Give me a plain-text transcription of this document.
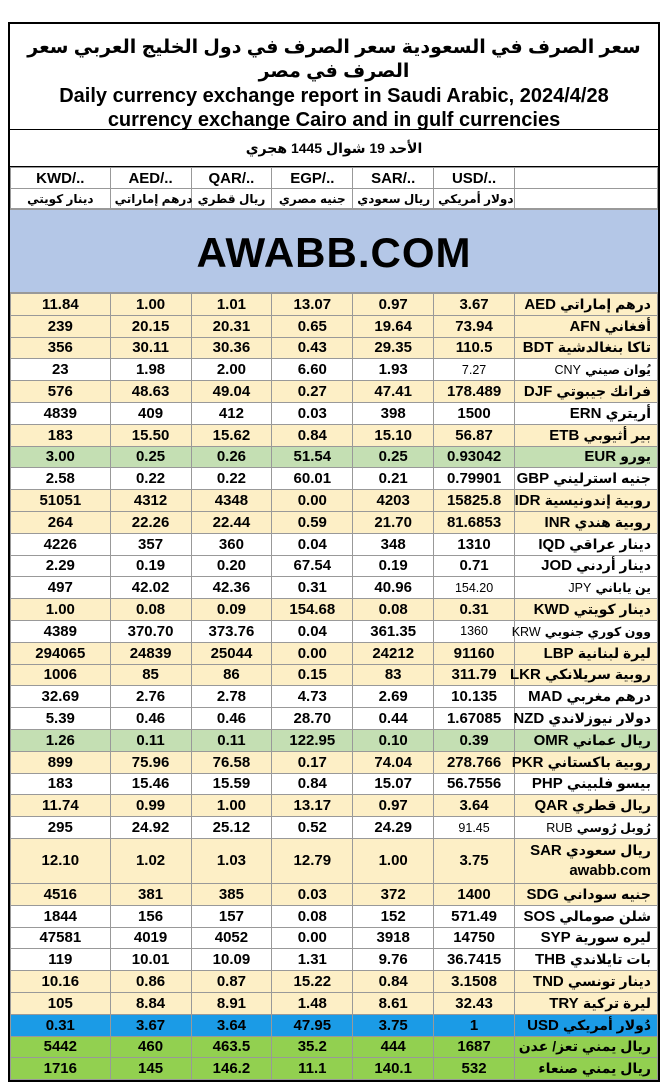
سعر الصرف في السعودية سعر الصرف في دول الخليج العربي سعر الصرف في مصر
Daily currency exchange report in Saudi Arabic, 2024/4/28
currency exchange Cairo and in gulf currencies
الأحد 19 شوال 1445 هجري
KWD/..	AED/..	QAR/..	EGP/..	SAR/..	USD/..	
دينار كويتي	درهم إماراتي	ريال قطري	جنيه مصري	ريال سعودي	دولار أمريكي	
AWABB.COM
11.84	1.00	1.01	13.07	0.97	3.67	درهم إماراتي AED

239	20.15	20.31	0.65	19.64	73.94	أفغاني AFN

356	30.11	30.36	0.43	29.35	110.5	تاكا بنغالدشية BDT

23	1.98	2.00	6.60	1.93	7.27	يُوان صيني CNY

576	48.63	49.04	0.27	47.41	178.489	فرانك جيبوتي DJF

4839	409	412	0.03	398	1500	أريتري ERN

183	15.50	15.62	0.84	15.10	56.87	بير أثيوبي ETB

3.00	0.25	0.26	51.54	0.25	0.93042	يورو EUR

2.58	0.22	0.22	60.01	0.21	0.79901	جنيه استرليني GBP

51051	4312	4348	0.00	4203	15825.8	روبية إندونيسية IDR

264	22.26	22.44	0.59	21.70	81.6853	روبية هندي INR

4226	357	360	0.04	348	1310	دينار عراقي IQD

2.29	0.19	0.20	67.54	0.19	0.71	دينار أردني JOD

497	42.02	42.36	0.31	40.96	154.20	ين ياباني JPY

1.00	0.08	0.09	154.68	0.08	0.31	دينار كويتي KWD

4389	370.70	373.76	0.04	361.35	1360	وون كوري جنوبي KRW

294065	24839	25044	0.00	24212	91160	ليرة لبنانية LBP

1006	85	86	0.15	83	311.79	روبية سريلانكي LKR

32.69	2.76	2.78	4.73	2.69	10.135	درهم مغربي MAD

5.39	0.46	0.46	28.70	0.44	1.67085	دولار نيوزلاندي NZD

1.26	0.11	0.11	122.95	0.10	0.39	ريال عماني OMR

899	75.96	76.58	0.17	74.04	278.766	روبية باكستاني PKR

183	15.46	15.59	0.84	15.07	56.7556	بيسو فلبيني PHP

11.74	0.99	1.00	13.17	0.97	3.64	ريال قطري QAR

295	24.92	25.12	0.52	24.29	91.45	رُوبل رُوسي RUB

12.10	1.02	1.03	12.79	1.00	3.75	ريال سعودي SAR
awabb.com

4516	381	385	0.03	372	1400	جنيه سوداني SDG

1844	156	157	0.08	152	571.49	شلن صومالي SOS

47581	4019	4052	0.00	3918	14750	ليره سورية SYP

119	10.01	10.09	1.31	9.76	36.7415	بات تايلاندي THB

10.16	0.86	0.87	15.22	0.84	3.1508	دينار تونسي TND

105	8.84	8.91	1.48	8.61	32.43	ليرة تركية TRY

0.31	3.67	3.64	47.95	3.75	1	دُولار أمريكي USD

5442	460	463.5	35.2	444	1687	ريال يمني تعز/ عدن

1716	145	146.2	11.1	140.1	532	ريال يمني صنعاء
